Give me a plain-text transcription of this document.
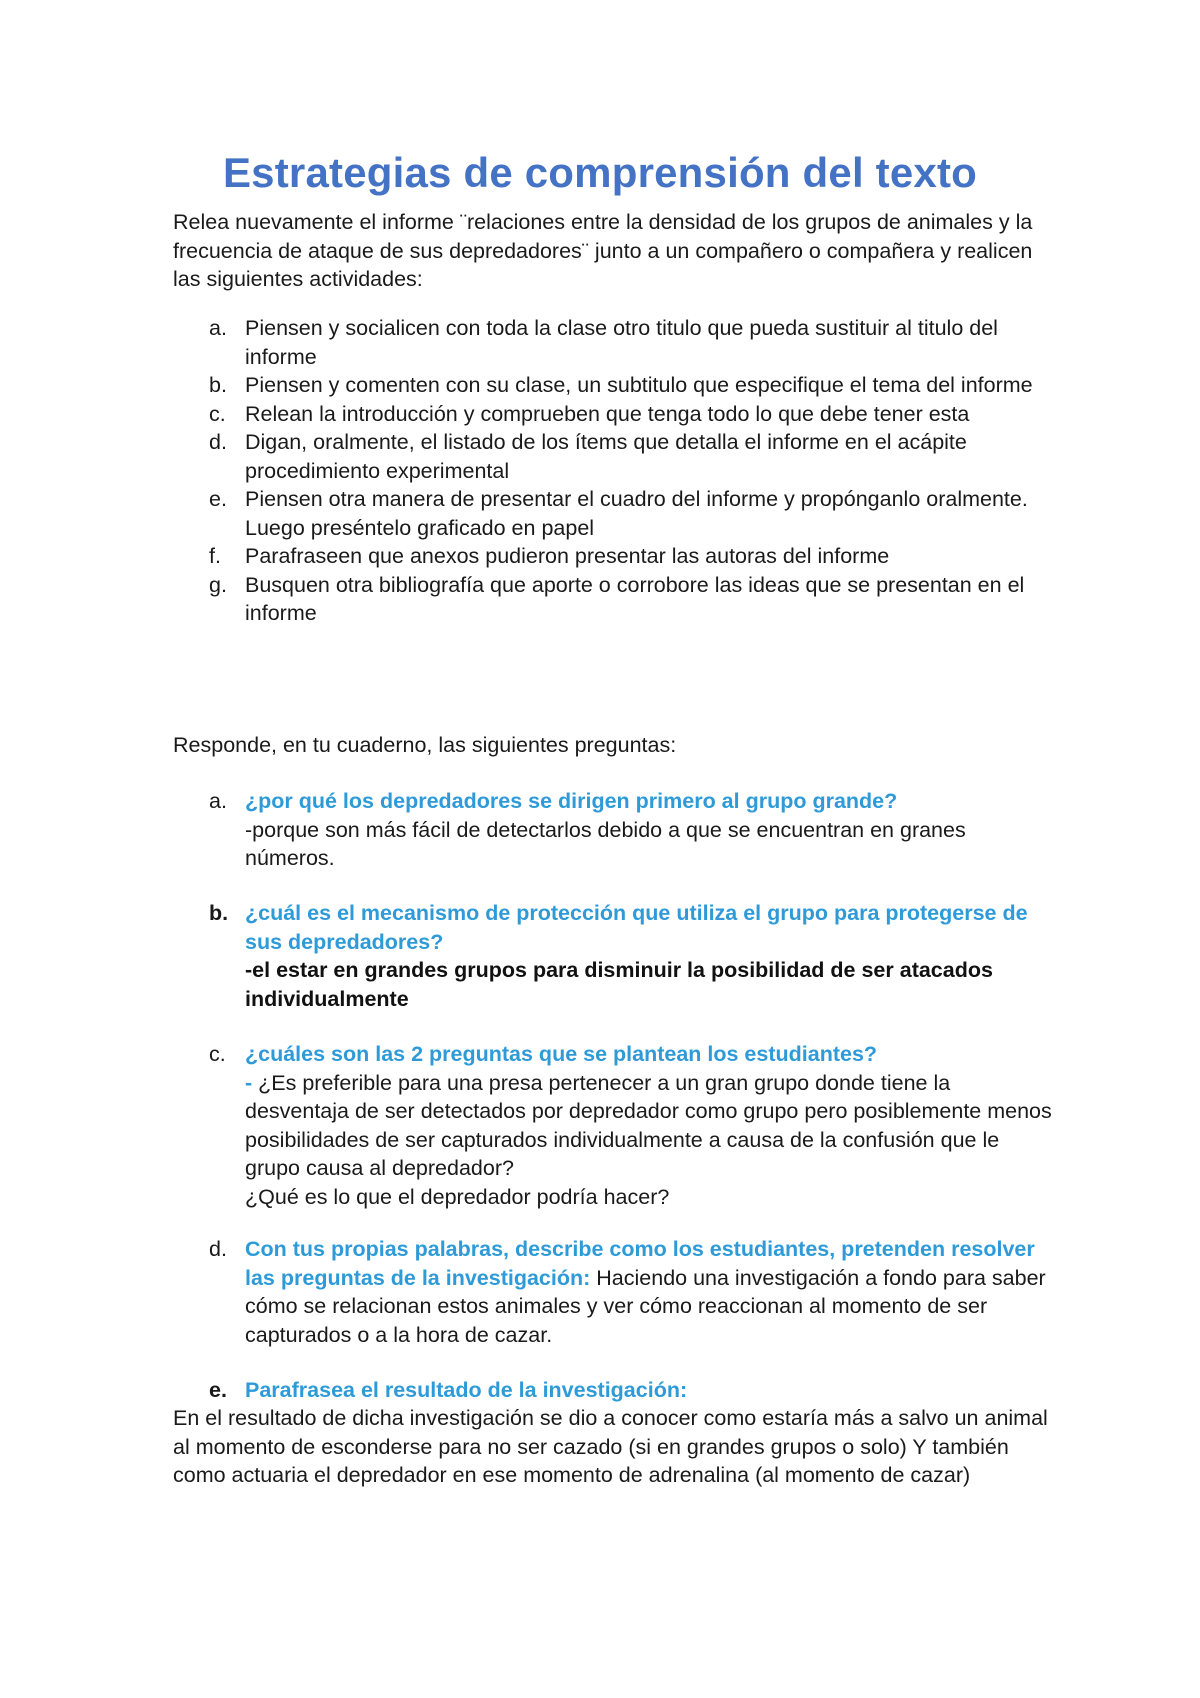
Estrategias de comprensión del texto

Relea nuevamente el informe ¨relaciones entre la densidad de los grupos de animales y la frecuencia de ataque de sus depredadores¨ junto a un compañero o compañera y realicen las siguientes actividades:

a. Piensen y socialicen con toda la clase otro titulo que pueda sustituir al titulo del informe
b. Piensen y comenten con su clase, un subtitulo que especifique el tema del informe
c. Relean la introducción y comprueben que tenga todo lo que debe tener esta
d. Digan, oralmente, el listado de los ítems que detalla el informe en el acápite procedimiento experimental
e. Piensen otra manera de presentar el cuadro del informe y propónganlo oralmente. Luego preséntelo graficado en papel
f. Parafraseen que anexos pudieron presentar las autoras del informe
g. Busquen otra bibliografía que aporte o corrobore las ideas que se presentan en el informe

Responde, en tu cuaderno, las siguientes preguntas:

a. ¿por qué los depredadores se dirigen primero al grupo grande?
-porque son más fácil de detectarlos debido a que se encuentran en granes números.
b. ¿cuál es el mecanismo de protección que utiliza el grupo para protegerse de sus depredadores?
-el estar en grandes grupos para disminuir la posibilidad de ser atacados individualmente
c. ¿cuáles son las 2 preguntas que se plantean los estudiantes?
- ¿Es preferible para una presa pertenecer a un gran grupo donde tiene la desventaja de ser detectados por depredador como grupo pero posiblemente menos posibilidades de ser capturados individualmente a causa de la confusión que le grupo causa al depredador?
¿Qué es lo que el depredador podría hacer?
d. Con tus propias palabras, describe como los estudiantes, pretenden resolver las preguntas de la investigación: Haciendo una investigación a fondo para saber cómo se relacionan estos animales y ver cómo reaccionan al momento de ser capturados o a la hora de cazar.
e. Parafrasea el resultado de la investigación:

En el resultado de dicha investigación se dio a conocer como estaría más a salvo un animal al momento de esconderse para no ser cazado (si en grandes grupos o solo) Y también como actuaria el depredador en ese momento de adrenalina (al momento de cazar)
